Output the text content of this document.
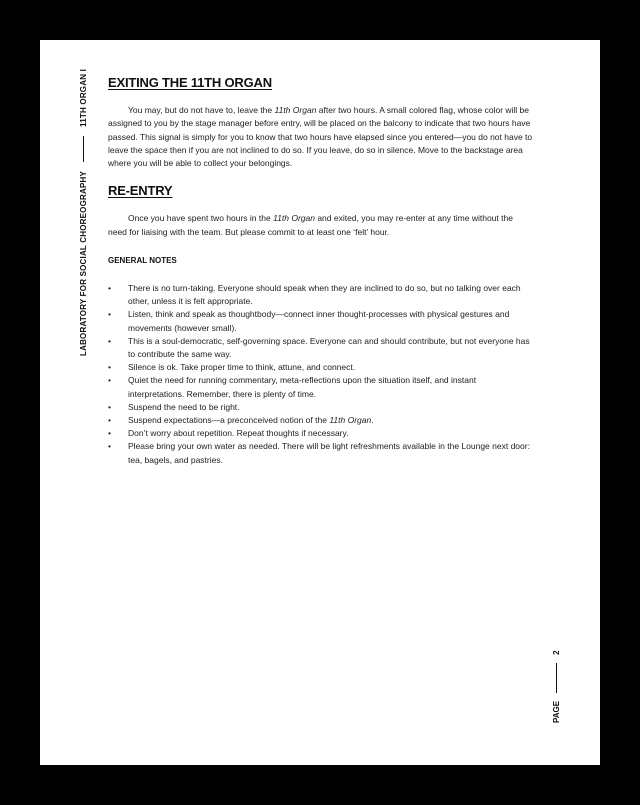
LABORATORY FOR SOCIAL CHOREOGRAPHY
11TH ORGAN I
PAGE
2
EXITING THE 11TH ORGAN

You may, but do not have to, leave the 11th Organ after two hours. A small colored flag, whose color will be assigned to you by the stage manager before entry, will be placed on the balcony to indicate that two hours have passed. This signal is simply for you to know that two hours have elapsed since you entered—you do not have to leave the space then if you are not inclined to do so. If you leave, do so in silence. Move to the backstage area where you will be able to collect your belongings.

RE-ENTRY

Once you have spent two hours in the 11th Organ and exited, you may re-enter at any time without the need for liaising with the team. But please commit to at least one ‘felt’ hour.

GENERAL NOTES
• There is no turn-taking. Everyone should speak when they are inclined to do so, but no talking over each other, unless it is felt appropriate.
• Listen, think and speak as thoughtbody—connect inner thought-processes with physical gestures and movements (however small).
• This is a soul-democratic, self-governing space. Everyone can and should contribute, but not everyone has to contribute the same way.
• Silence is ok. Take proper time to think, attune, and connect.
• Quiet the need for running commentary, meta-reflections upon the situation itself, and instant interpretations. Remember, there is plenty of time.
• Suspend the need to be right.
• Suspend expectations—a preconceived notion of the 11th Organ.
• Don’t worry about repetition. Repeat thoughts if necessary.
• Please bring your own water as needed. There will be light refreshments available in the Lounge next door: tea, bagels, and pastries.
